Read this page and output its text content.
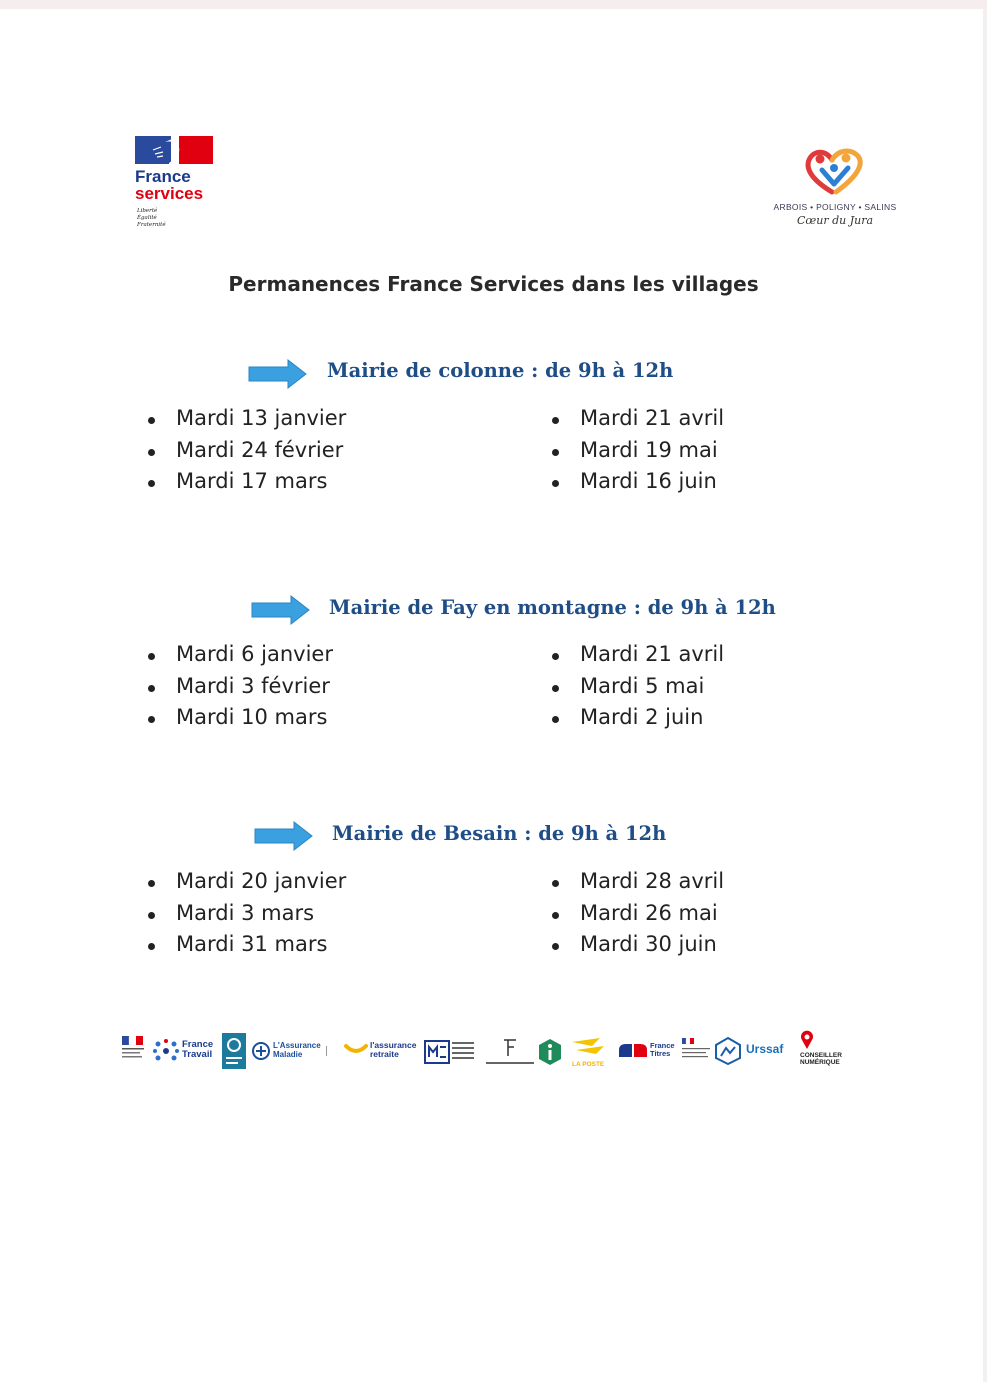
France
services
Liberté
Égalité
Fraternité
ARBOIS • POLIGNY • SALINS
Cœur du Jura
Permanences France Services dans les villages
Mairie de colonne : de 9h à 12h
Mardi 13 janvier
Mardi 24 février
Mardi 17 mars
Mardi 21 avril
Mardi 19 mai
Mardi 16 juin
Mairie de Fay en montagne : de 9h à 12h
Mardi 6 janvier
Mardi 3 février
Mardi 10 mars
Mardi 21 avril
Mardi 5 mai
Mardi 2 juin
Mairie de Besain : de 9h à 12h
Mardi 20 janvier
Mardi 3 mars
Mardi 31 mars
Mardi 28 avril
Mardi 26 mai
Mardi 30 juin
France
Travail
L'Assurance
Maladie
l'assurance
retraite
LA POSTE
France
Titres	Urssaf	CONSEILLER
NUMÉRIQUE
